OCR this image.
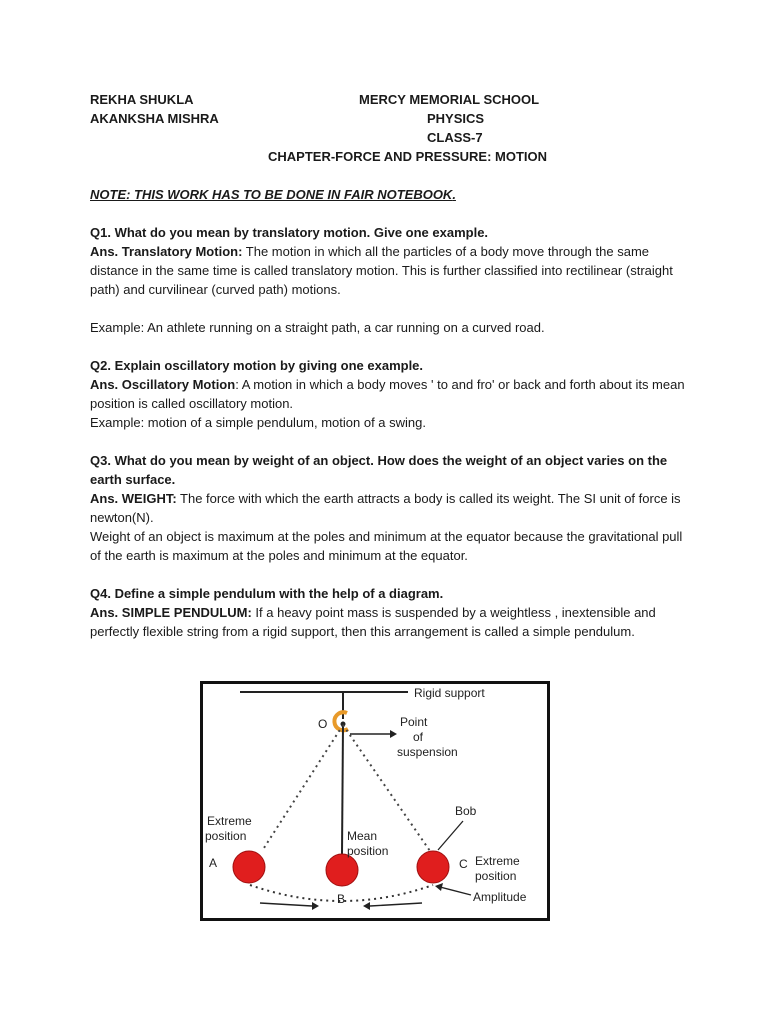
REKHA SHUKLA	MERCY MEMORIAL SCHOOL
AKANKSHA MISHRA	PHYSICS
CLASS-7
CHAPTER-FORCE AND PRESSURE: MOTION

NOTE: THIS WORK HAS TO BE DONE IN FAIR NOTEBOOK.

Q1. What do you mean by translatory motion. Give one example.

Ans. Translatory Motion: The motion in which all the particles of a body move through the same distance in the same time is called translatory motion. This is further classified into rectilinear (straight path) and curvilinear (curved path) motions.

Example: An athlete running on a straight path, a car running on a curved road.

Q2. Explain oscillatory motion by giving one example.

Ans. Oscillatory Motion: A motion in which a body moves ' to and fro' or back and forth about its mean position is called oscillatory motion.

Example: motion of a simple pendulum, motion of a swing.

Q3. What do you mean by weight of an object. How does the weight of an object varies on the earth surface.

Ans. WEIGHT: The force with which the earth attracts a body is called its weight. The SI unit of force is newton(N).

Weight of an object is maximum at the poles and minimum at the equator because the gravitational pull of the earth is maximum at the poles and minimum at the equator.

Q4. Define a simple pendulum with the help of a diagram.

Ans. SIMPLE PENDULUM: If a heavy point mass is suspended by a weightless , inextensible and perfectly flexible string from a rigid support, then this arrangement is called a simple pendulum.

Rigid support
O	Point
of
suspension
Extreme
position
A
Mean
position
Bob
C Extreme
position
B	Amplitude
